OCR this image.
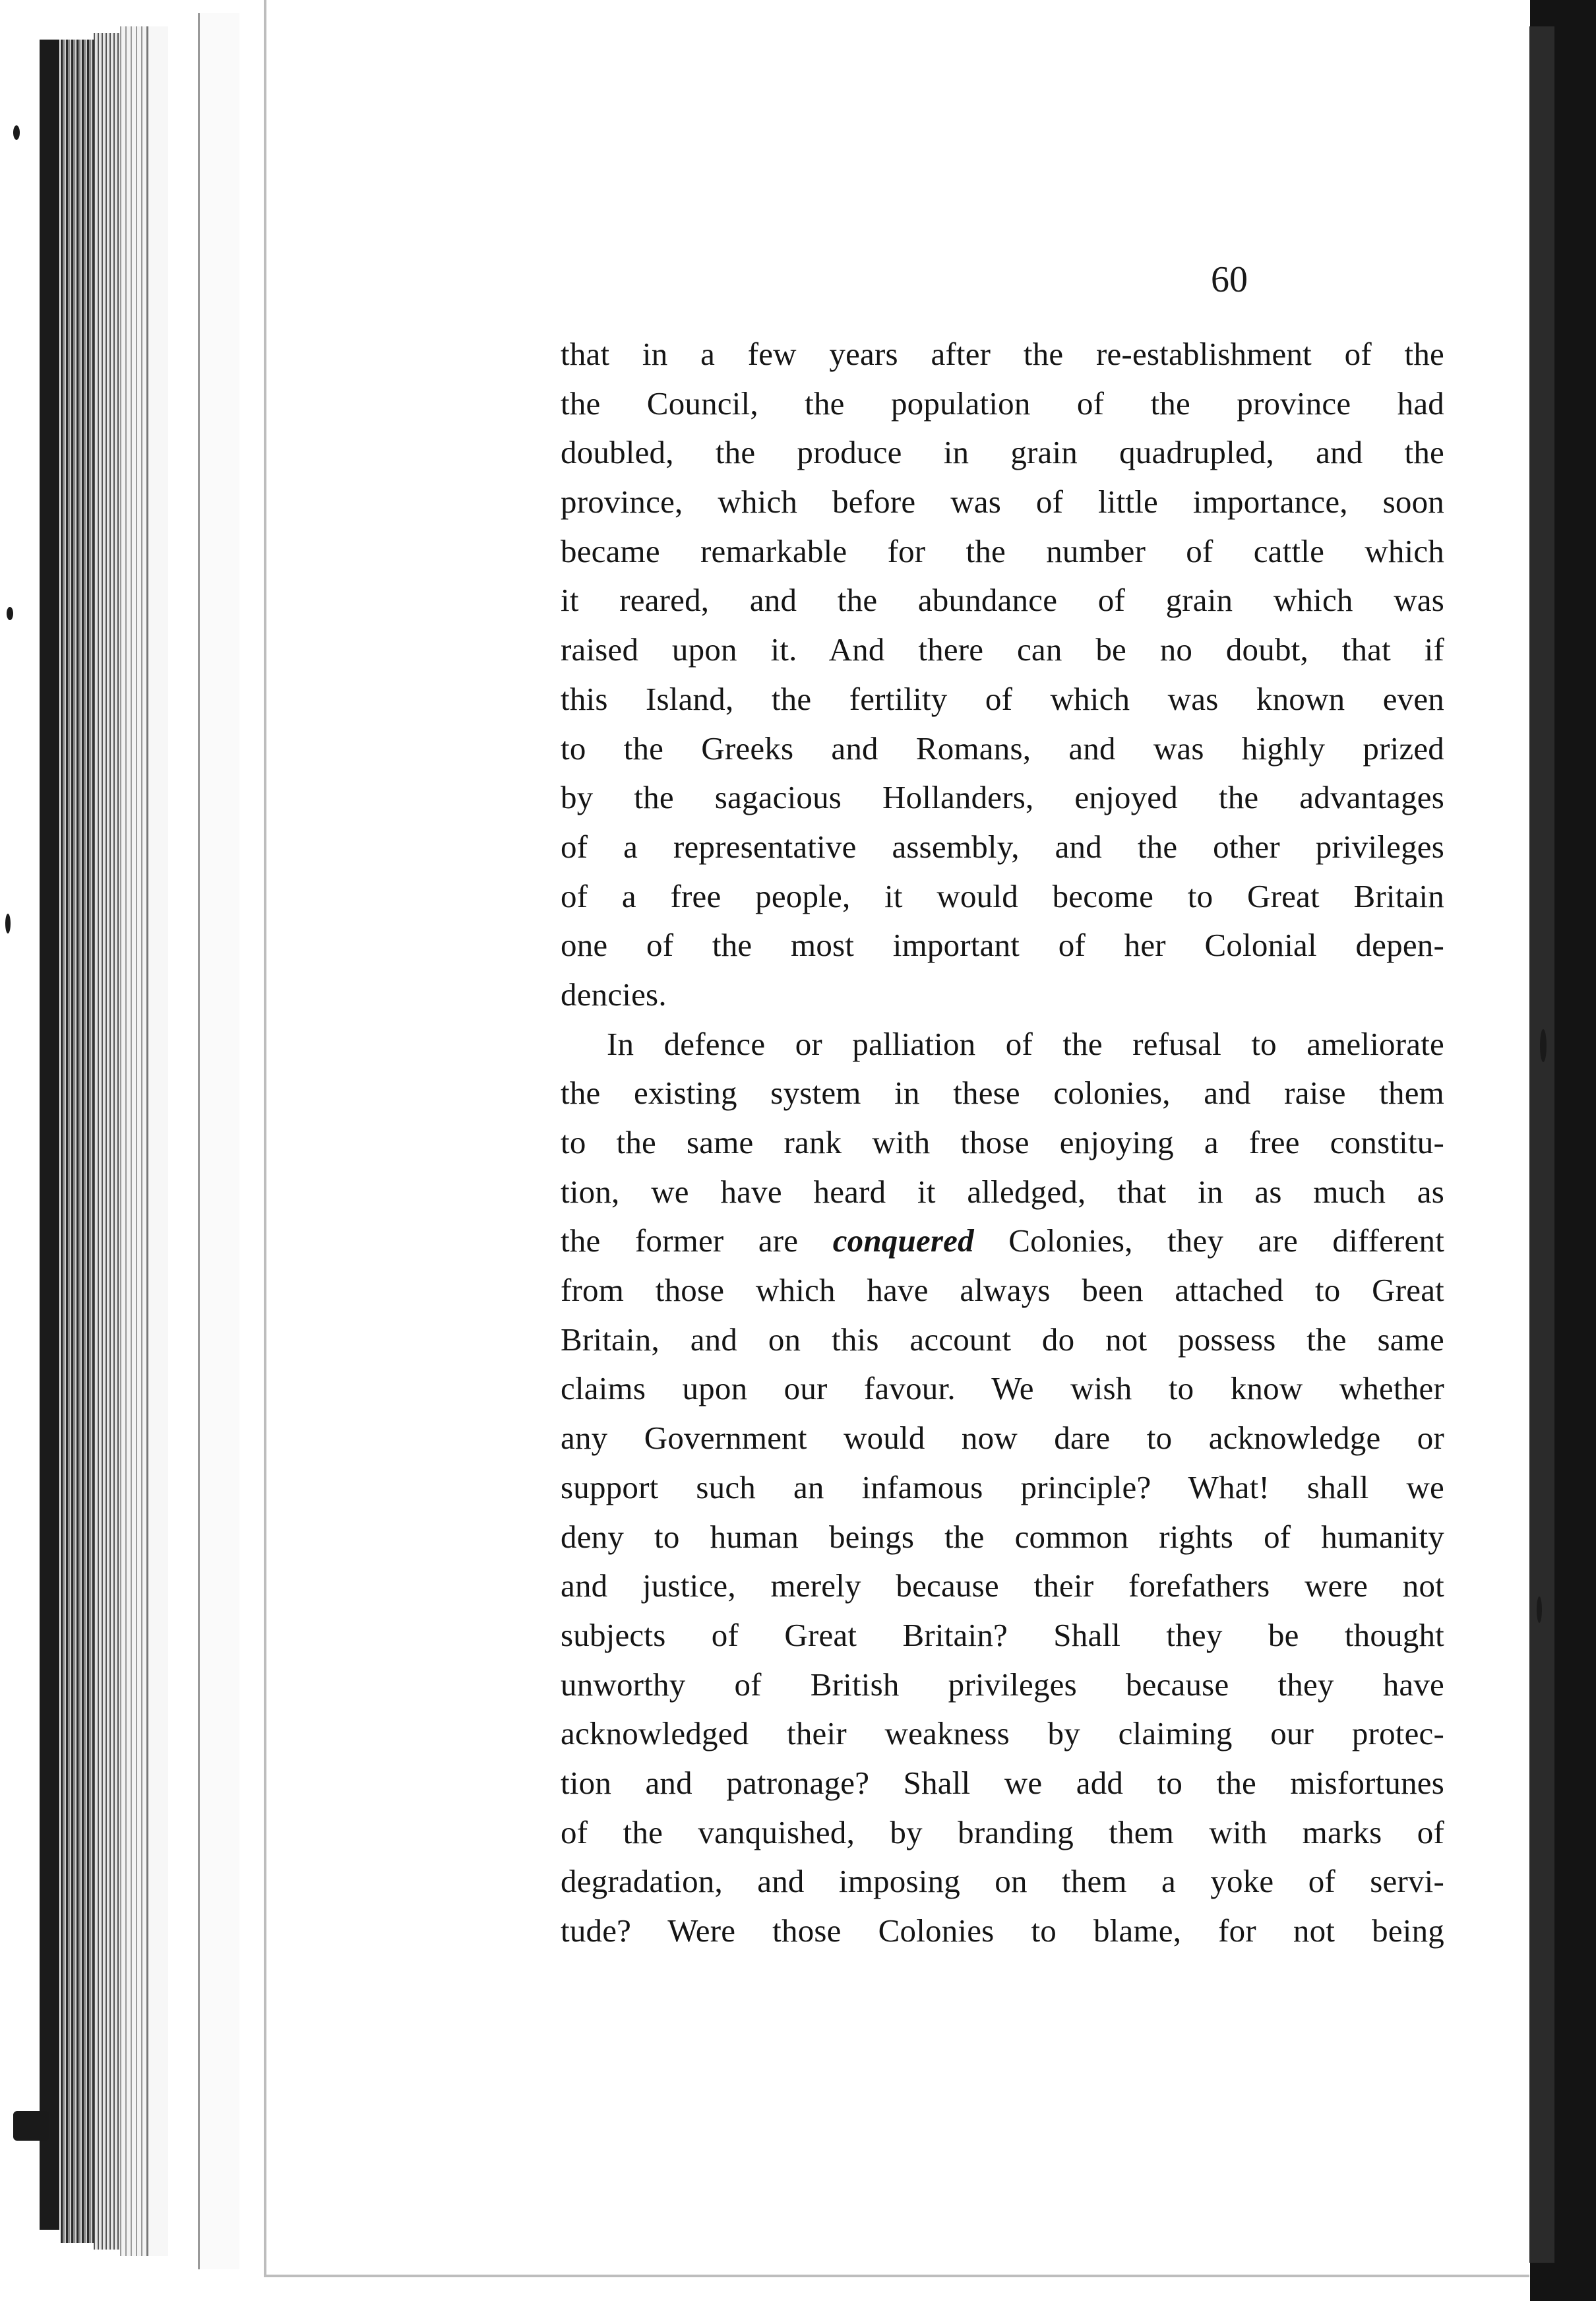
60
that in a few years after the re-establishment of the
the Council, the population of the province had
doubled, the produce in grain quadrupled, and the
province, which before was of little importance, soon
became remarkable for the number of cattle which
it reared, and the abundance of grain which was
raised upon it. And there can be no doubt, that if
this Island, the fertility of which was known even
to the Greeks and Romans, and was highly prized
by the sagacious Hollanders, enjoyed the advantages
of a representative assembly, and the other privileges
of a free people, it would become to Great Britain
one of the most important of her Colonial depen-
dencies.
In defence or palliation of the refusal to ameliorate
the existing system in these colonies, and raise them
to the same rank with those enjoying a free constitu-
tion, we have heard it alledged, that in as much as
the former are conquered Colonies, they are different
from those which have always been attached to Great
Britain, and on this account do not possess the same
claims upon our favour. We wish to know whether
any Government would now dare to acknowledge or
support such an infamous principle? What! shall we
deny to human beings the common rights of humanity
and justice, merely because their forefathers were not
subjects of Great Britain? Shall they be thought
unworthy of British privileges because they have
acknowledged their weakness by claiming our protec-
tion and patronage? Shall we add to the misfortunes
of the vanquished, by branding them with marks of
degradation, and imposing on them a yoke of servi-
tude? Were those Colonies to blame, for not being
